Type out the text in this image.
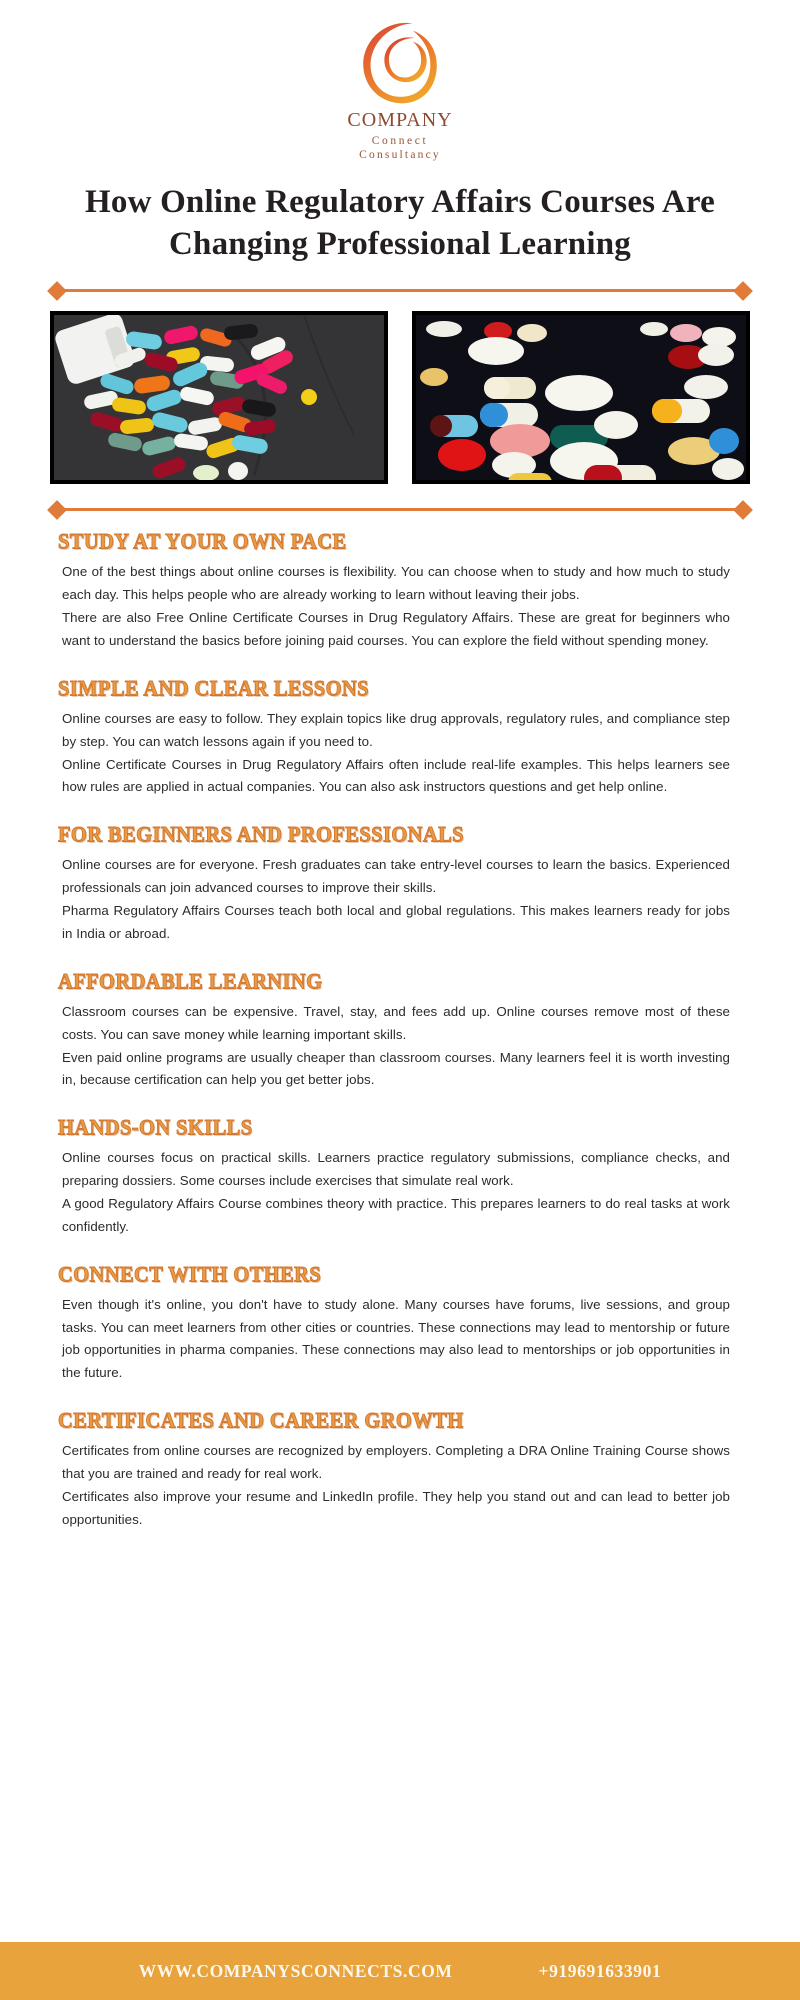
COMPANY
Connect
Consultancy
How Online Regulatory Affairs Courses Are Changing Professional Learning
STUDY AT YOUR OWN PACE

One of the best things about online courses is flexibility. You can choose when to study and how much to study each day. This helps people who are already working to learn without leaving their jobs.

There are also Free Online Certificate Courses in Drug Regulatory Affairs. These are great for beginners who want to understand the basics before joining paid courses. You can explore the field without spending money.

SIMPLE AND CLEAR LESSONS

Online courses are easy to follow. They explain topics like drug approvals, regulatory rules, and compliance step by step. You can watch lessons again if you need to.

Online Certificate Courses in Drug Regulatory Affairs often include real-life examples. This helps learners see how rules are applied in actual companies. You can also ask instructors questions and get help online.

FOR BEGINNERS AND PROFESSIONALS

Online courses are for everyone. Fresh graduates can take entry-level courses to learn the basics. Experienced professionals can join advanced courses to improve their skills.

Pharma Regulatory Affairs Courses teach both local and global regulations. This makes learners ready for jobs in India or abroad.

AFFORDABLE LEARNING

Classroom courses can be expensive. Travel, stay, and fees add up. Online courses remove most of these costs. You can save money while learning important skills.

Even paid online programs are usually cheaper than classroom courses. Many learners feel it is worth investing in, because certification can help you get better jobs.

HANDS-ON SKILLS

Online courses focus on practical skills. Learners practice regulatory submissions, compliance checks, and preparing dossiers. Some courses include exercises that simulate real work.

A good Regulatory Affairs Course combines theory with practice. This prepares learners to do real tasks at work confidently.

CONNECT WITH OTHERS

Even though it's online, you don't have to study alone. Many courses have forums, live sessions, and group tasks. You can meet learners from other cities or countries. These connections may lead to mentorship or future job opportunities in pharma companies. These connections may also lead to mentorships or job opportunities in the future.

CERTIFICATES AND CAREER GROWTH

Certificates from online courses are recognized by employers. Completing a DRA Online Training Course shows that you are trained and ready for real work.

Certificates also improve your resume and LinkedIn profile. They help you stand out and can lead to better job opportunities.

WWW.COMPANYSCONNECTS.COM	+919691633901
